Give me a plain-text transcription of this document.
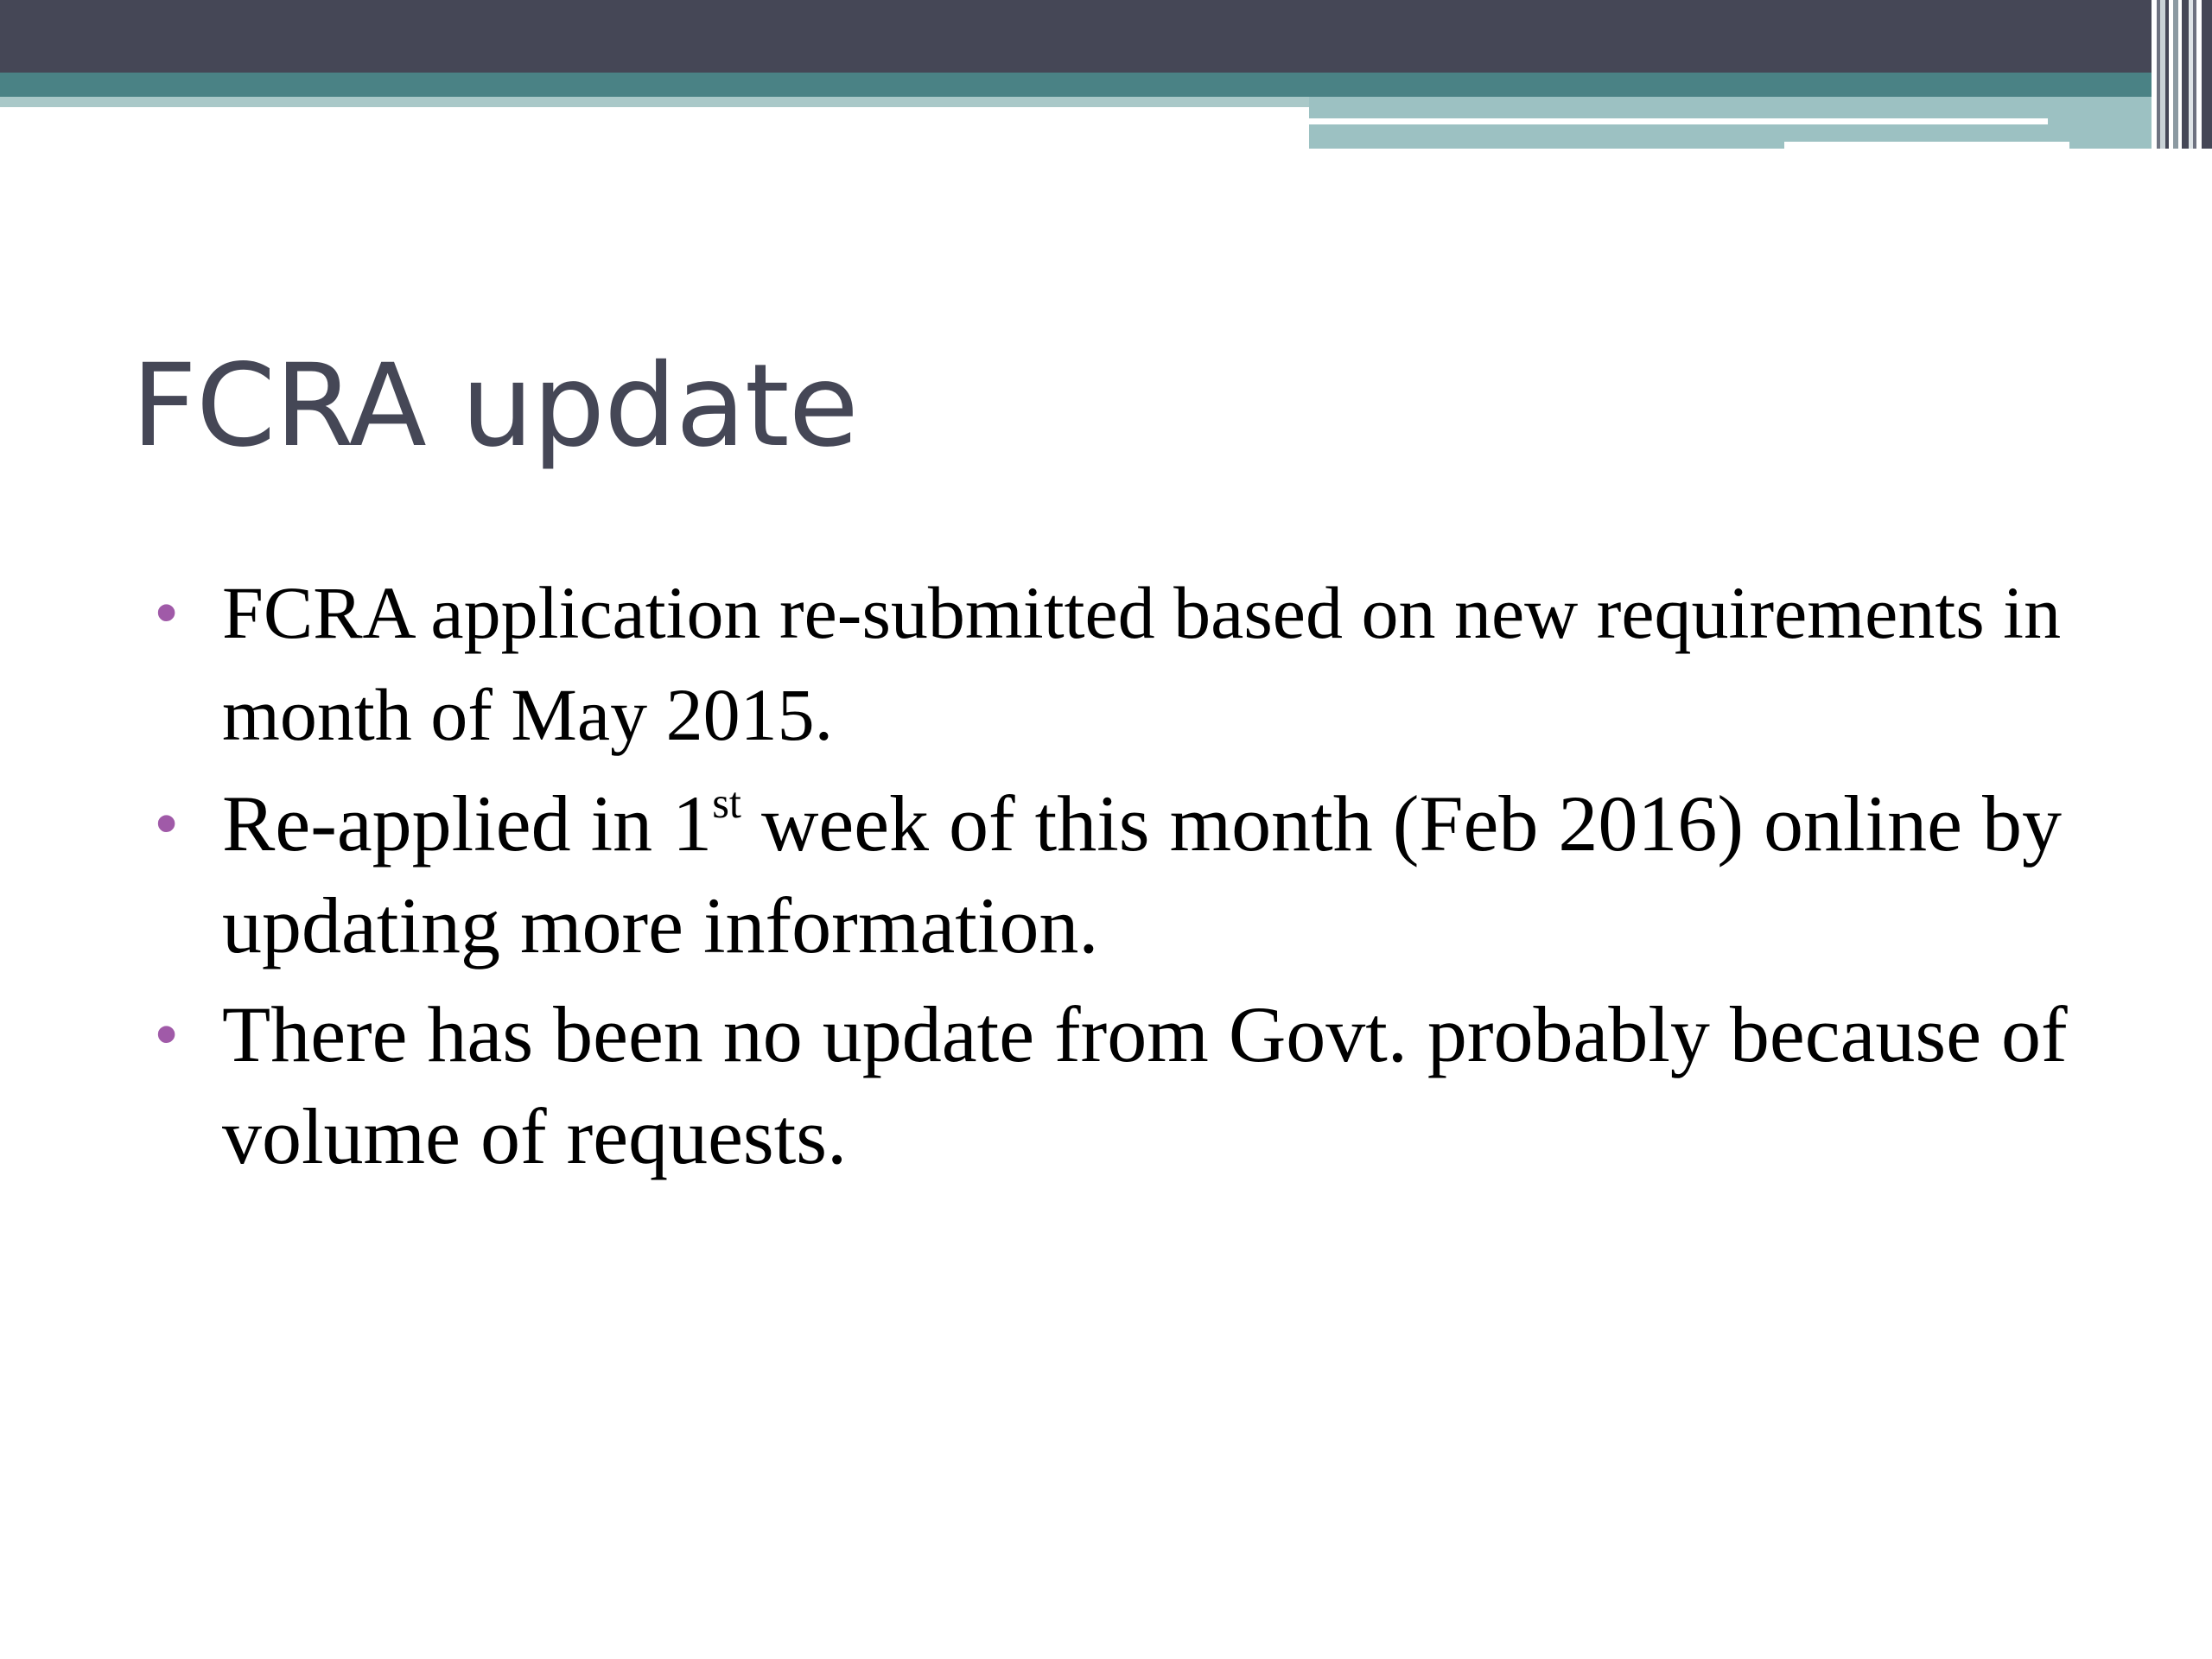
FCRA update
• FCRA application re-submitted based on new requirements in month of May 2015.
• Re-applied in 1st week of this month (Feb 2016) online by updating more information.
• There has been no update from Govt. probably because of volume of requests.
